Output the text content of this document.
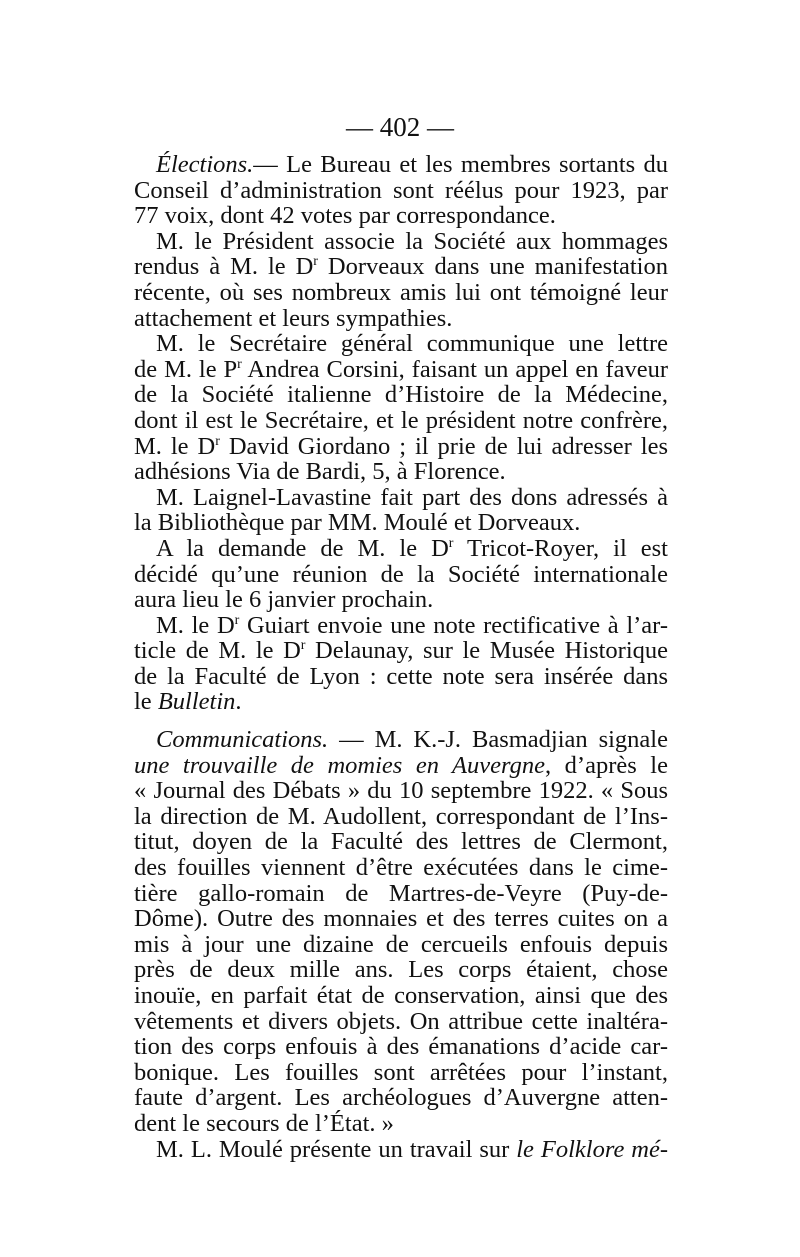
— 402 —
Élections.— Le Bureau et les membres sortants du
Conseil d’administration sont réélus pour 1923, par
77 voix, dont 42 votes par correspondance.
M. le Président associe la Société aux hommages
rendus à M. le $D^r$ Dorveaux dans une manifestation
récente, où ses nombreux amis lui ont témoigné leur
attachement et leurs sympathies.
M. le Secrétaire général communique une lettre
de M. le $P^r$ Andrea Corsini, faisant un appel en faveur
de la Société italienne d’Histoire de la Médecine,
dont il est le Secrétaire, et le président notre confrère,
M. le $D^r$ David Giordano ; il prie de lui adresser les
adhésions Via de Bardi, 5, à Florence.
M. Laignel-Lavastine fait part des dons adressés à
la Bibliothèque par MM. Moulé et Dorveaux.
A la demande de M. le $D^r$ Tricot-Royer, il est
décidé qu’une réunion de la Société internationale
aura lieu le 6 janvier prochain.
M. le $D^r$ Guiart envoie une note rectificative à l’ar-
ticle de M. le $D^r$ Delaunay, sur le Musée Historique
de la Faculté de Lyon : cette note sera insérée dans
le Bulletin.
Communications. — M. K.-J. Basmadjian signale
une trouvaille de momies en Auvergne, d’après le
« Journal des Débats » du 10 septembre 1922. « Sous
la direction de M. Audollent, correspondant de l’Ins-
titut, doyen de la Faculté des lettres de Clermont,
des fouilles viennent d’être exécutées dans le cime-
tière gallo-romain de Martres-de-Veyre (Puy-de-
Dôme). Outre des monnaies et des terres cuites on a
mis à jour une dizaine de cercueils enfouis depuis
près de deux mille ans. Les corps étaient, chose
inouïe, en parfait état de conservation, ainsi que des
vêtements et divers objets. On attribue cette inaltéra-
tion des corps enfouis à des émanations d’acide car-
bonique. Les fouilles sont arrêtées pour l’instant,
faute d’argent. Les archéologues d’Auvergne atten-
dent le secours de l’État. »
M. L. Moulé présente un travail sur le Folklore mé-
